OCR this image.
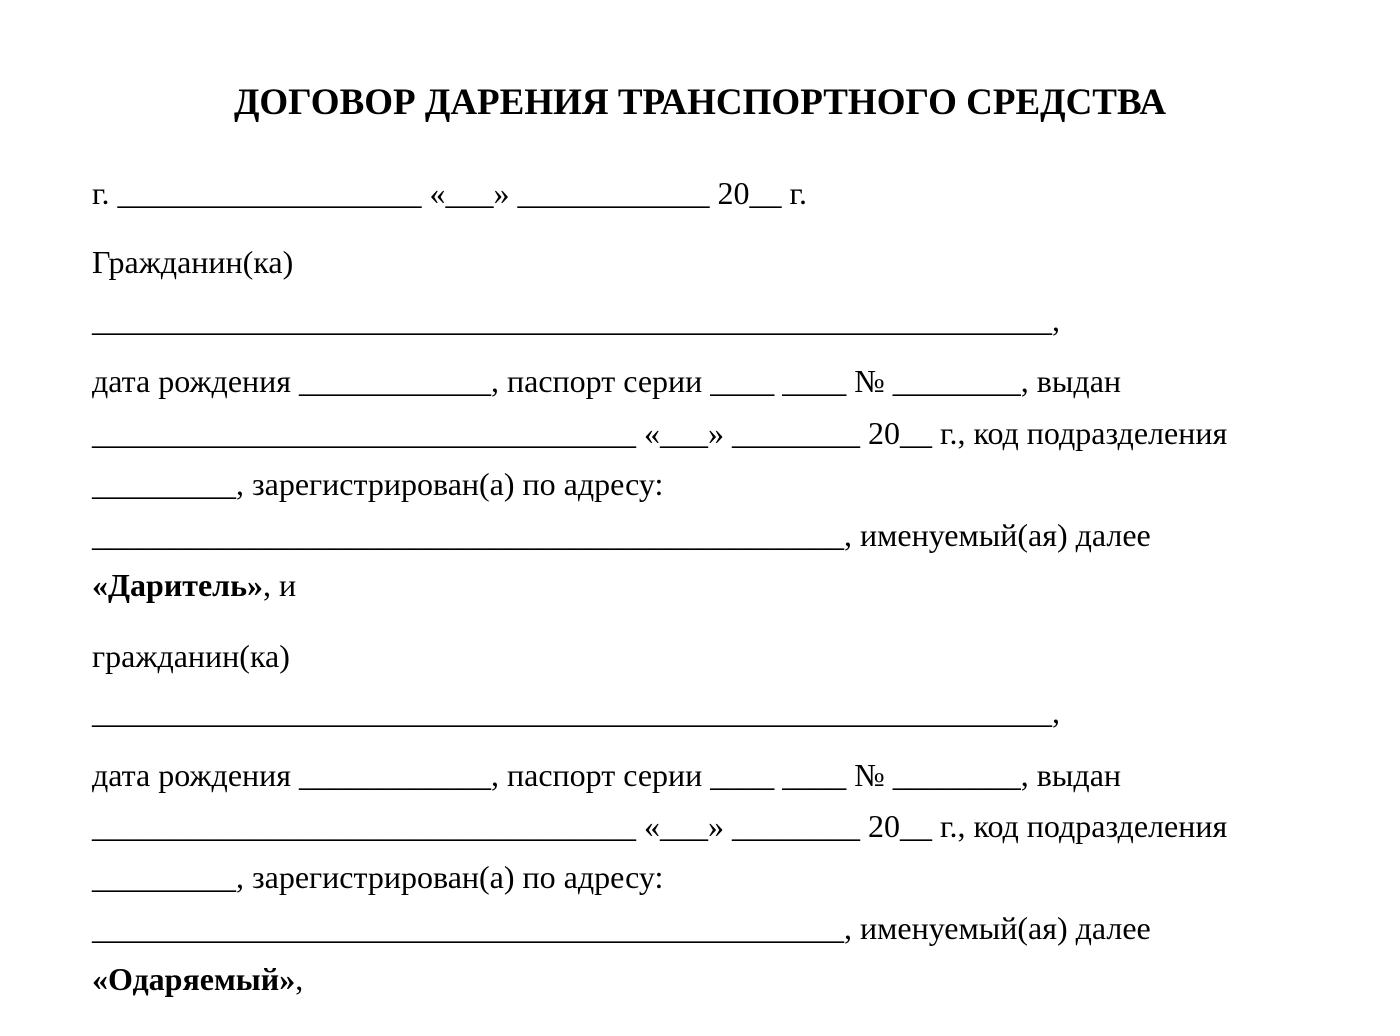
ДОГОВОР ДАРЕНИЯ ТРАНСПОРТНОГО СРЕДСТВА
г. ___________________ «___» ____________ 20__ г.
Гражданин(ка)
____________________________________________________________,
дата рождения ____________, паспорт серии ____ ____ № ________, выдан
__________________________________ «___» ________ 20__ г., код подразделения
_________, зарегистрирован(а) по адресу:
_______________________________________________, именуемый(ая) далее
«Даритель», и
гражданин(ка)
____________________________________________________________,
дата рождения ____________, паспорт серии ____ ____ № ________, выдан
__________________________________ «___» ________ 20__ г., код подразделения
_________, зарегистрирован(а) по адресу:
_______________________________________________, именуемый(ая) далее
«Одаряемый»,
